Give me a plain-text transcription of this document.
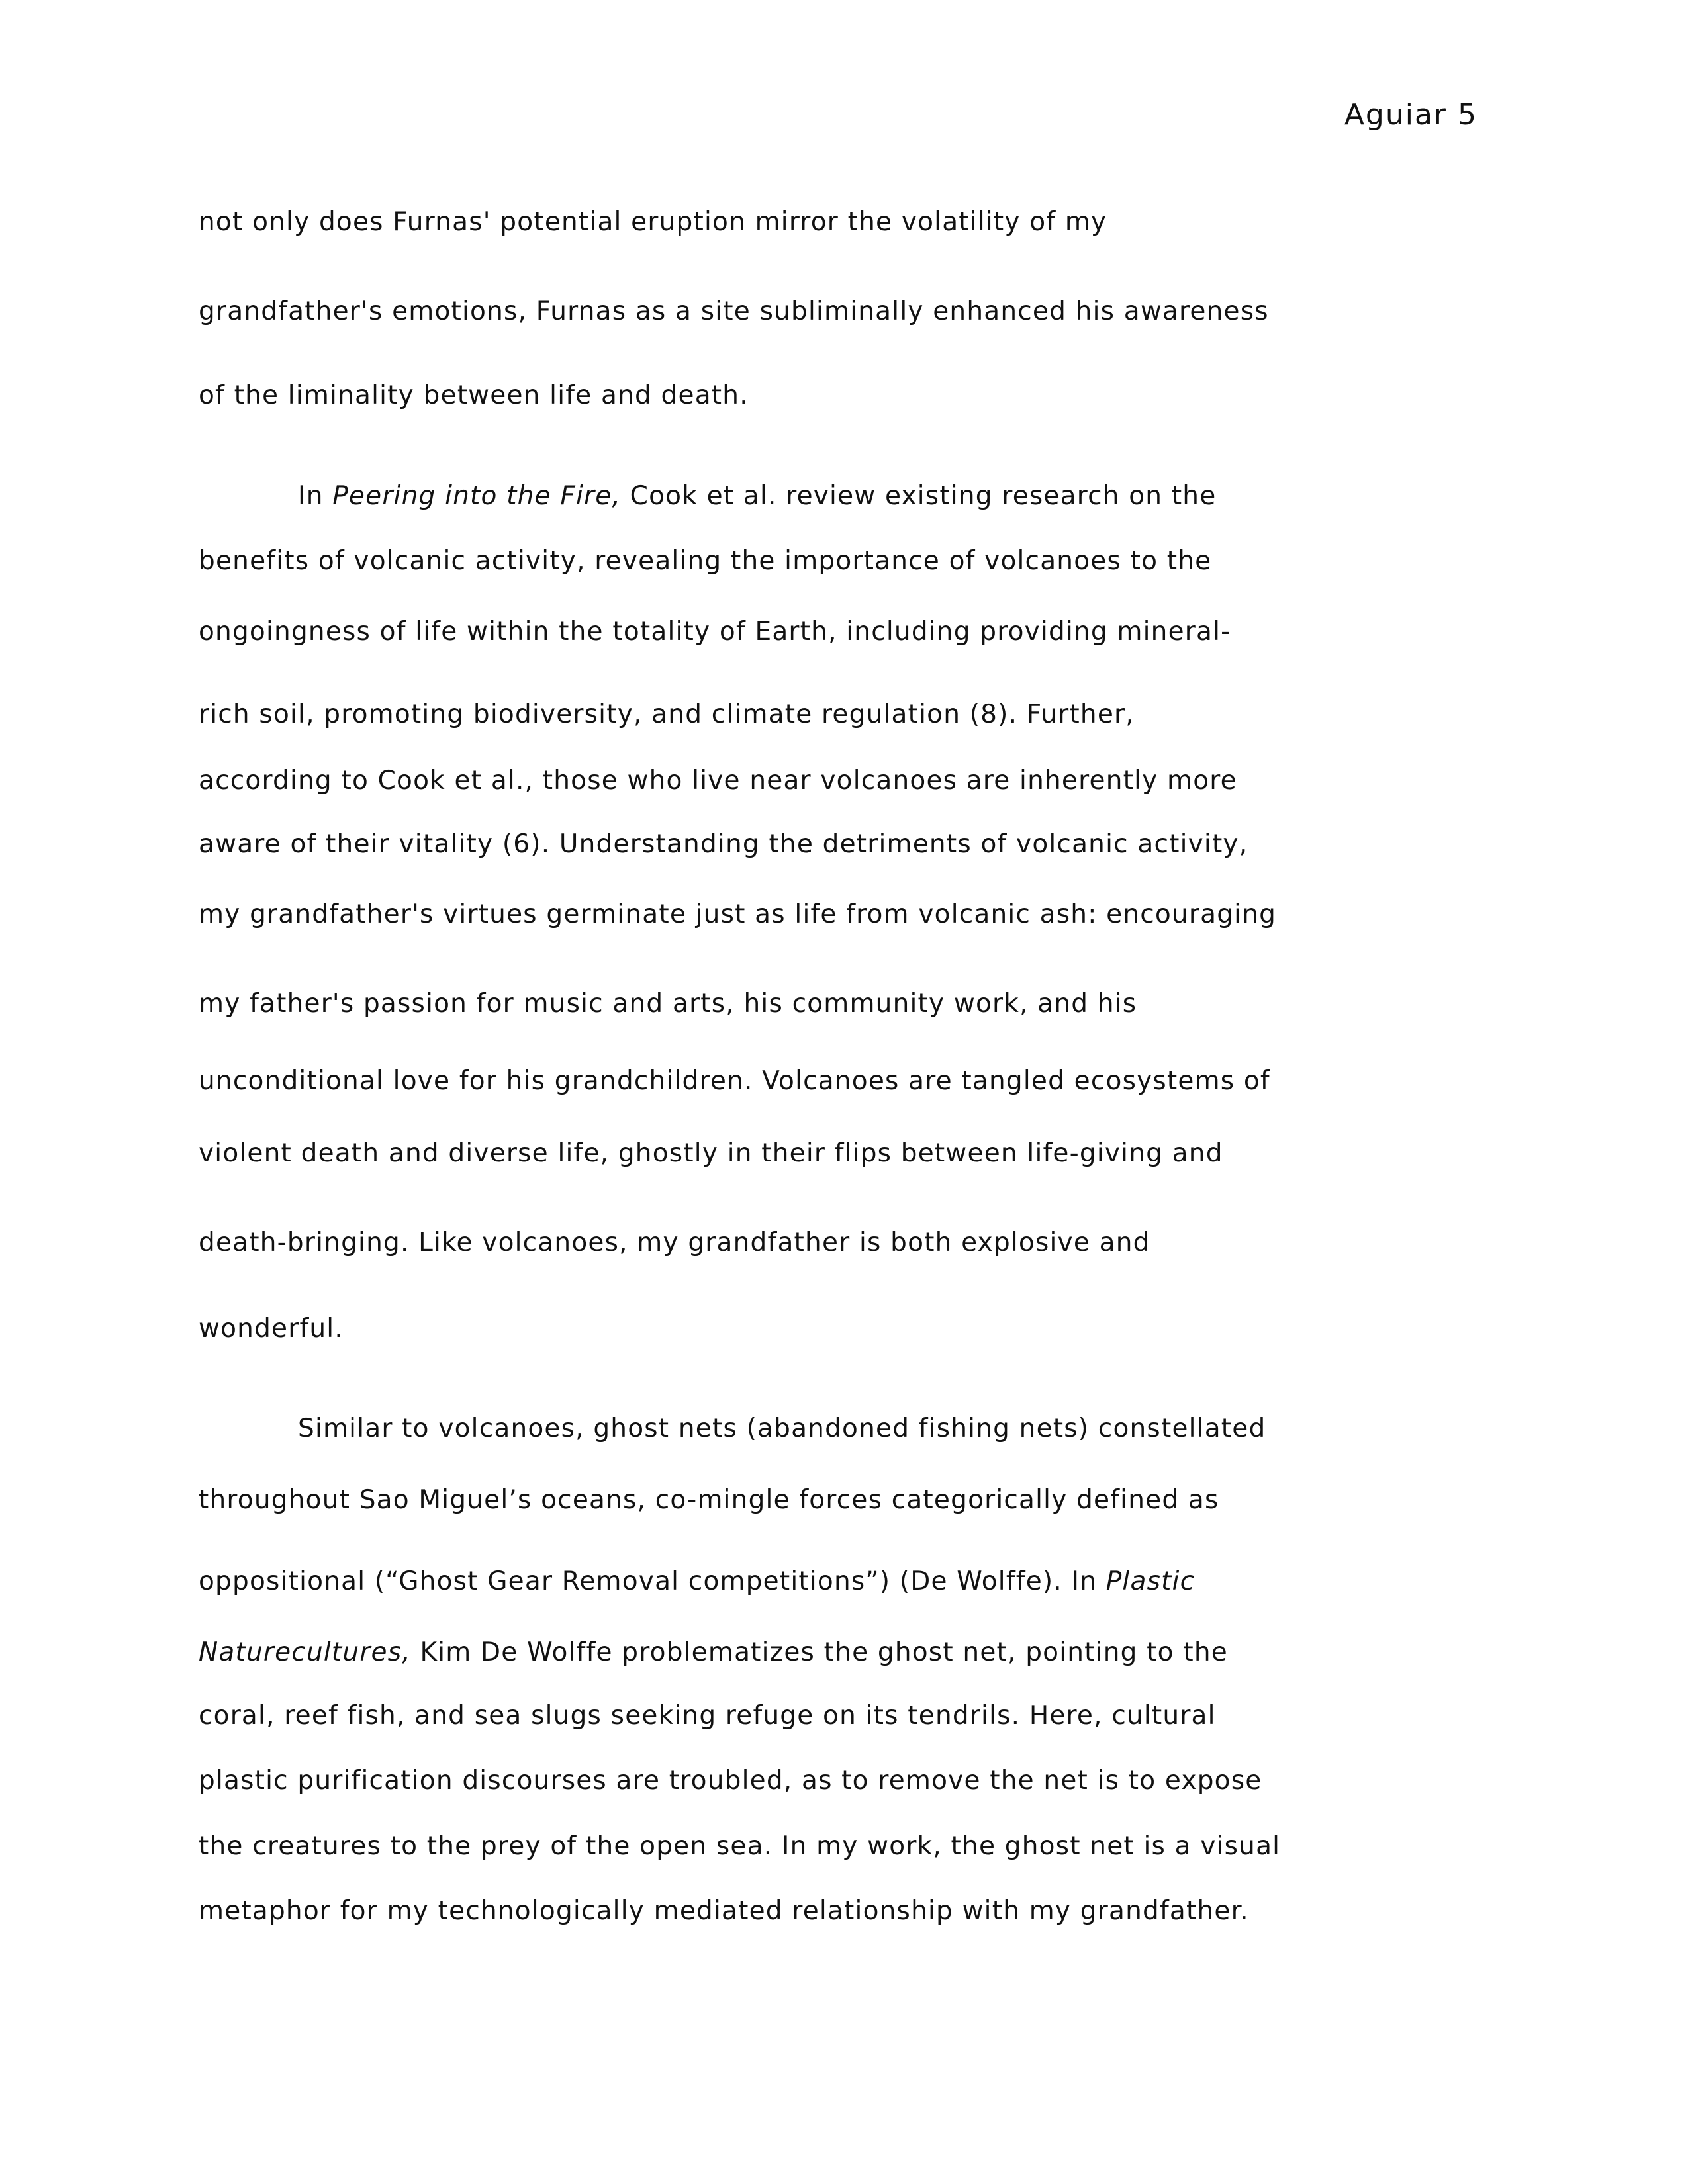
Aguiar 5
not only does Furnas' potential eruption mirror the volatility of my
grandfather's emotions, Furnas as a site subliminally enhanced his awareness
of the liminality between life and death.
In Peering into the Fire, Cook et al. review existing research on the
benefits of volcanic activity, revealing the importance of volcanoes to the
ongoingness of life within the totality of Earth, including providing mineral-
rich soil, promoting biodiversity, and climate regulation (8). Further,
according to Cook et al., those who live near volcanoes are inherently more
aware of their vitality (6). Understanding the detriments of volcanic activity,
my grandfather's virtues germinate just as life from volcanic ash: encouraging
my father's passion for music and arts, his community work, and his
unconditional love for his grandchildren. Volcanoes are tangled ecosystems of
violent death and diverse life, ghostly in their flips between life-giving and
death-bringing. Like volcanoes, my grandfather is both explosive and
wonderful.
Similar to volcanoes, ghost nets (abandoned fishing nets) constellated
throughout Sao Miguel’s oceans, co-mingle forces categorically defined as
oppositional (“Ghost Gear Removal competitions”) (De Wolffe). In Plastic
Naturecultures, Kim De Wolffe problematizes the ghost net, pointing to the
coral, reef fish, and sea slugs seeking refuge on its tendrils. Here, cultural
plastic purification discourses are troubled, as to remove the net is to expose
the creatures to the prey of the open sea. In my work, the ghost net is a visual
metaphor for my technologically mediated relationship with my grandfather.
